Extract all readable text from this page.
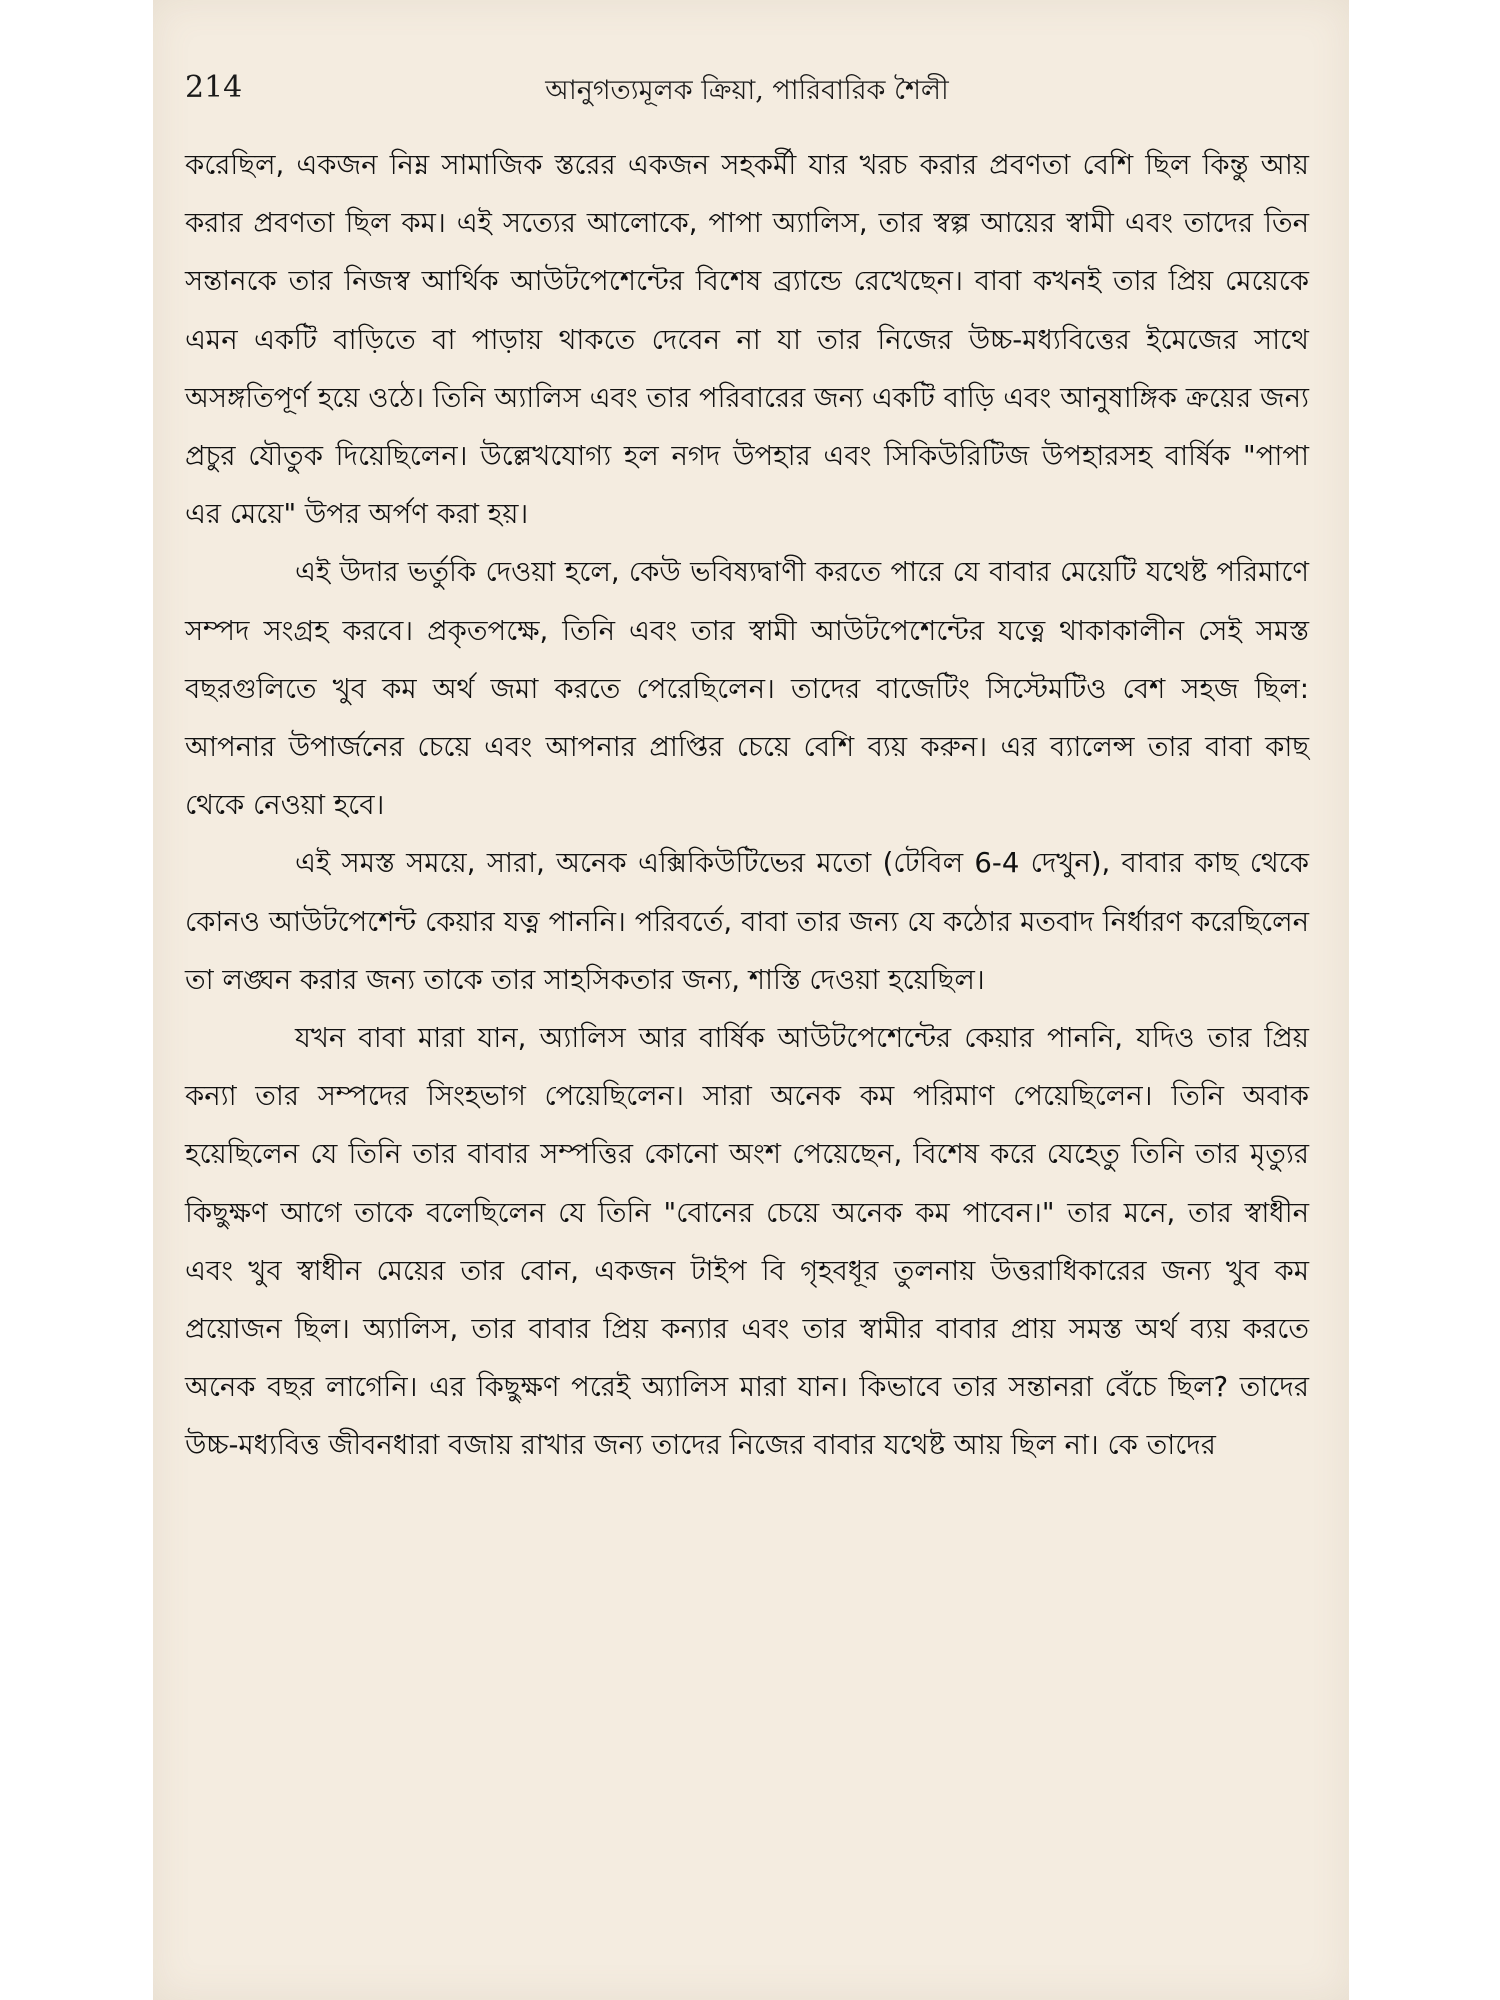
214	আনুগত্যমূলক ক্রিয়া, পারিবারিক শৈলী

করেছিল, একজন নিম্ন সামাজিক স্তরের একজন সহকর্মী যার খরচ করার প্রবণতা বেশি ছিল কিন্তু আয় করার প্রবণতা ছিল কম। এই সত্যের আলোকে, পাপা অ্যালিস, তার স্বল্প আয়ের স্বামী এবং তাদের তিন সন্তানকে তার নিজস্ব আর্থিক আউটপেশেন্টের বিশেষ ব্র্যান্ডে রেখেছেন। বাবা কখনই তার প্রিয় মেয়েকে এমন একটি বাড়িতে বা পাড়ায় থাকতে দেবেন না যা তার নিজের উচ্চ-মধ্যবিত্তের ইমেজের সাথে অসঙ্গতিপূর্ণ হয়ে ওঠে। তিনি অ্যালিস এবং তার পরিবারের জন্য একটি বাড়ি এবং আনুষাঙ্গিক ক্রয়ের জন্য প্রচুর যৌতুক দিয়েছিলেন। উল্লেখযোগ্য হল নগদ উপহার এবং সিকিউরিটিজ উপহারসহ বার্ষিক "পাপা এর মেয়ে" উপর অর্পণ করা হয়।

এই উদার ভর্তুকি দেওয়া হলে, কেউ ভবিষ্যদ্বাণী করতে পারে যে বাবার মেয়েটি যথেষ্ট পরিমাণে সম্পদ সংগ্রহ করবে। প্রকৃতপক্ষে, তিনি এবং তার স্বামী আউটপেশেন্টের যত্নে থাকাকালীন সেই সমস্ত বছরগুলিতে খুব কম অর্থ জমা করতে পেরেছিলেন। তাদের বাজেটিং সিস্টেমটিও বেশ সহজ ছিল: আপনার উপার্জনের চেয়ে এবং আপনার প্রাপ্তির চেয়ে বেশি ব্যয় করুন। এর ব্যালেন্স তার বাবা কাছ থেকে নেওয়া হবে।

এই সমস্ত সময়ে, সারা, অনেক এক্সিকিউটিভের মতো (টেবিল 6-4 দেখুন), বাবার কাছ থেকে কোনও আউটপেশেন্ট কেয়ার যত্ন পাননি। পরিবর্তে, বাবা তার জন্য যে কঠোর মতবাদ নির্ধারণ করেছিলেন তা লঙ্ঘন করার জন্য তাকে তার সাহসিকতার জন্য, শাস্তি দেওয়া হয়েছিল।

যখন বাবা মারা যান, অ্যালিস আর বার্ষিক আউটপেশেন্টের কেয়ার পাননি, যদিও তার প্রিয় কন্যা তার সম্পদের সিংহভাগ পেয়েছিলেন। সারা অনেক কম পরিমাণ পেয়েছিলেন। তিনি অবাক হয়েছিলেন যে তিনি তার বাবার সম্পত্তির কোনো অংশ পেয়েছেন, বিশেষ করে যেহেতু তিনি তার মৃত্যুর কিছুক্ষণ আগে তাকে বলেছিলেন যে তিনি "বোনের চেয়ে অনেক কম পাবেন।" তার মনে, তার স্বাধীন এবং খুব স্বাধীন মেয়ের তার বোন, একজন টাইপ বি গৃহবধূর তুলনায় উত্তরাধিকারের জন্য খুব কম প্রয়োজন ছিল। অ্যালিস, তার বাবার প্রিয় কন্যার এবং তার স্বামীর বাবার প্রায় সমস্ত অর্থ ব্যয় করতে অনেক বছর লাগেনি। এর কিছুক্ষণ পরেই অ্যালিস মারা যান। কিভাবে তার সন্তানরা বেঁচে ছিল? তাদের উচ্চ-মধ্যবিত্ত জীবনধারা বজায় রাখার জন্য তাদের নিজের বাবার যথেষ্ট আয় ছিল না। কে তাদের
